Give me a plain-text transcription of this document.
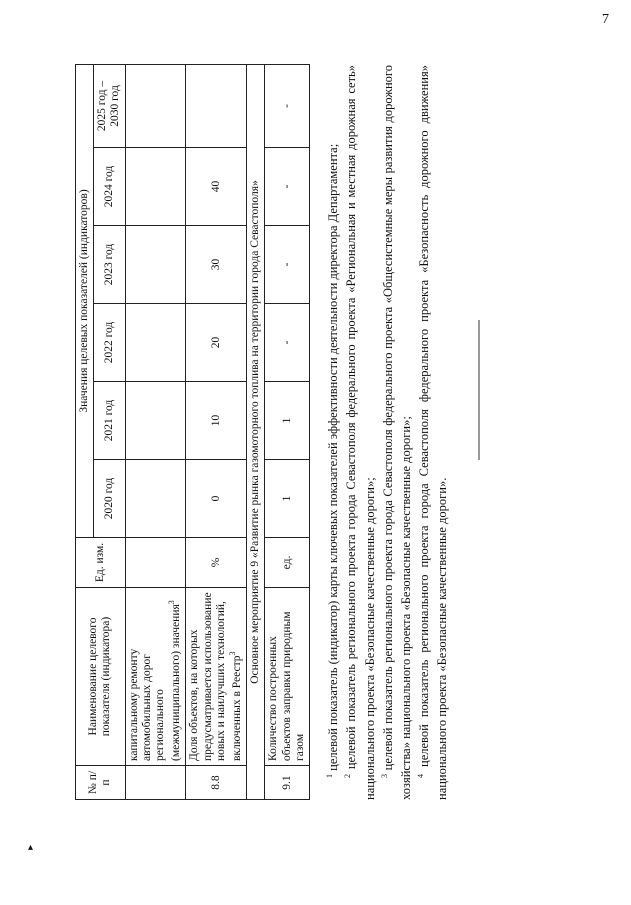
7
▴
№ п/п	Наименование целевого показателя (индикатора)	Ед. изм.	Значения целевых показателей (индикаторов)					
			2020 год	2021 год	2022 год	2023 год	2024 год	2025 год – 2030 год
	капитальному ремонту автомобильных дорог регионального (межмуниципального) значения$^3$							
8.8	Доля объектов, на которых предусматривается использование новых и наилучших технологий, включенных в Реестр$^3$	%	0	10	20	30	40	
Основное мероприятие 9 «Развитие рынка газомоторного топлива на территории города Севастополя»								
9.1	Количество построенных объектов заправки природным газом	ед.	1	1	-	-	-	-

$^1$ целевой показатель (индикатор) карты ключевых показателей эффективности деятельности директора Департамента;

$^2$ целевой показатель регионального проекта города Севастополя федерального проекта «Региональная и местная дорожная сеть» национального проекта «Безопасные качественные дороги»; $^3$ целевой показатель регионального проекта города Севастополя федерального проекта «Общесистемные меры развития дорожного хозяйства» национального проекта «Безопасные качественные дороги»; $^4$ целевой показатель регионального проекта города Севастополя федерального проекта «Безопасность дорожного движения» национального проекта «Безопасные качественные дороги».
